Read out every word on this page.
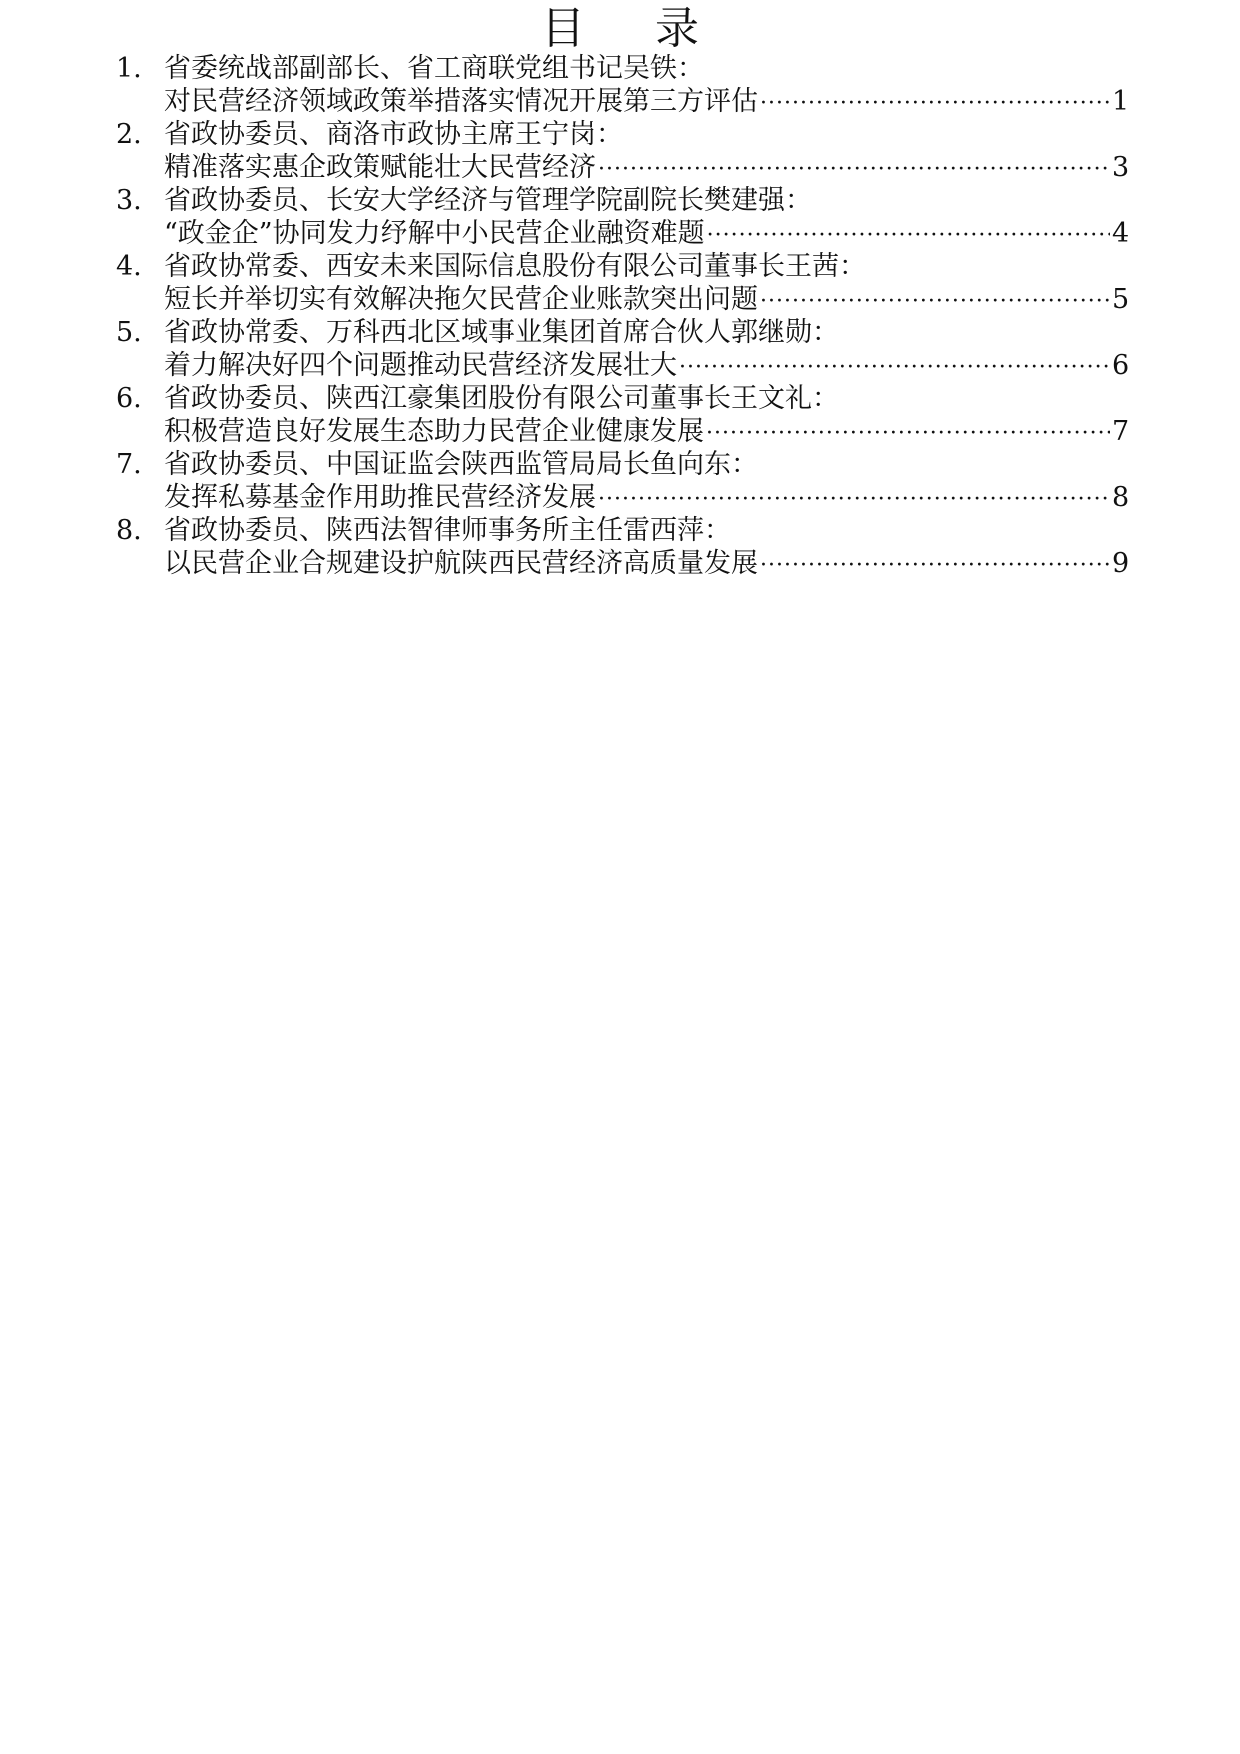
目 录
1. 省委统战部副部长、省工商联党组书记吴铁：
对民营经济领域政策举措落实情况开展第三方评估 ·····	1
2. 省政协委员、商洛市政协主席王宁岗：
精准落实惠企政策赋能壮大民营经济 ·····	3
3. 省政协委员、长安大学经济与管理学院副院长樊建强：
“政金企”协同发力纾解中小民营企业融资难题 ·····	4
4. 省政协常委、西安未来国际信息股份有限公司董事长王茜：
短长并举切实有效解决拖欠民营企业账款突出问题 ·····	5
5. 省政协常委、万科西北区域事业集团首席合伙人郭继勋：
着力解决好四个问题推动民营经济发展壮大 ·····	6
6. 省政协委员、陕西江豪集团股份有限公司董事长王文礼：
积极营造良好发展生态助力民营企业健康发展 ·····	7
7. 省政协委员、中国证监会陕西监管局局长鱼向东：
发挥私募基金作用助推民营经济发展 ·····	8
8. 省政协委员、陕西法智律师事务所主任雷西萍：
以民营企业合规建设护航陕西民营经济高质量发展 ·····	9
